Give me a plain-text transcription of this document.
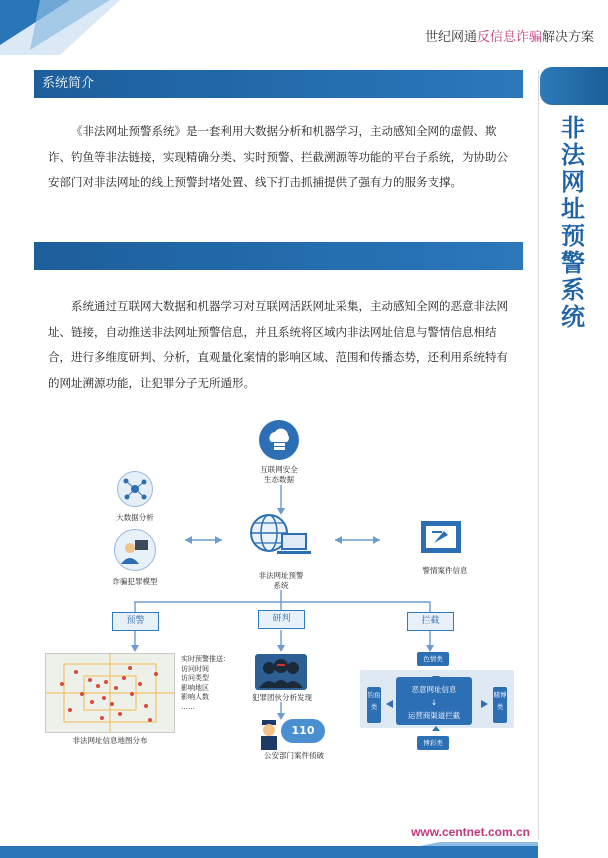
世纪网通反信息诈骗解决方案
非法网址预警系统
系统简介
《非法网址预警系统》是一套利用大数据分析和机器学习，主动感知全网的虚假、欺诈、钓鱼等非法链接，实现精确分类、实时预警、拦截溯源等功能的平台子系统，为协助公安部门对非法网址的线上预警封堵处置、线下打击抓捕提供了强有力的服务支撑。
系统通过互联网大数据和机器学习对互联网活跃网址采集，主动感知全网的恶意非法网址、链接，自动推送非法网址预警信息，并且系统将区域内非法网址信息与警情信息相结合，进行多维度研判、分析，直观量化案情的影响区域、范围和传播态势，还利用系统特有的网址溯源功能，让犯罪分子无所遁形。
互联网安全
生态数据
大数据分析
诈骗犯罪模型
非法网址预警
系统
警情案件信息
预警	研判	拦截
非法网址信息地图分布
实时预警推送：
访问时间
访问类型
影响地区
影响人数
……
犯罪团伙分析发现
110
公安部门案件侦破
色情类
钓鱼类
赌博类
恶意网址信息
↓
运营商渠道拦截
博彩类
www.centnet.com.cn
